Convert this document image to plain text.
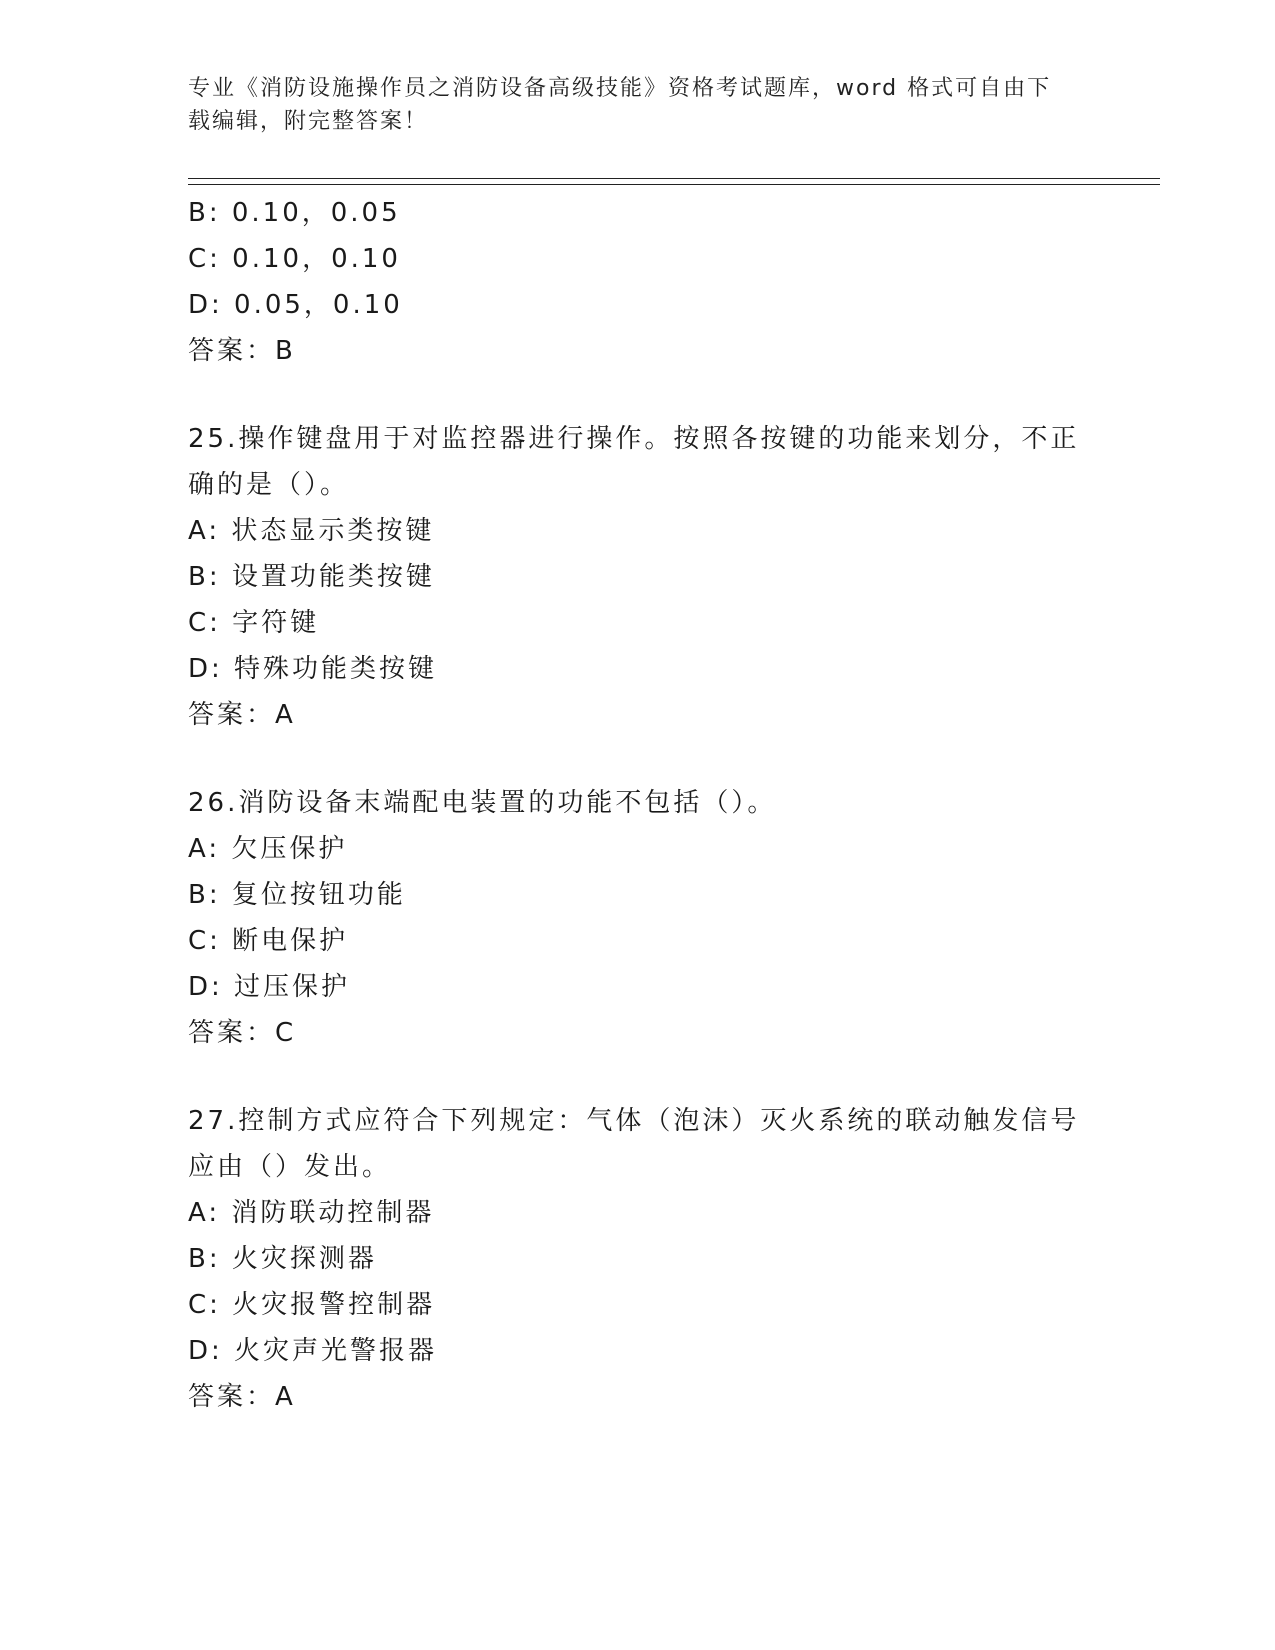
专业《消防设施操作员之消防设备高级技能》资格考试题库，word 格式可自由下
载编辑，附完整答案！
B: 0.10，0.05
C: 0.10，0.10
D: 0.05，0.10
答案：B
25.操作键盘用于对监控器进行操作。按照各按键的功能来划分，不正
确的是（）。
A: 状态显示类按键
B: 设置功能类按键
C: 字符键
D: 特殊功能类按键
答案：A
26.消防设备末端配电装置的功能不包括（）。
A: 欠压保护
B: 复位按钮功能
C: 断电保护
D: 过压保护
答案：C
27.控制方式应符合下列规定：气体（泡沫）灭火系统的联动触发信号
应由（）发出。
A: 消防联动控制器
B: 火灾探测器
C: 火灾报警控制器
D: 火灾声光警报器
答案：A
